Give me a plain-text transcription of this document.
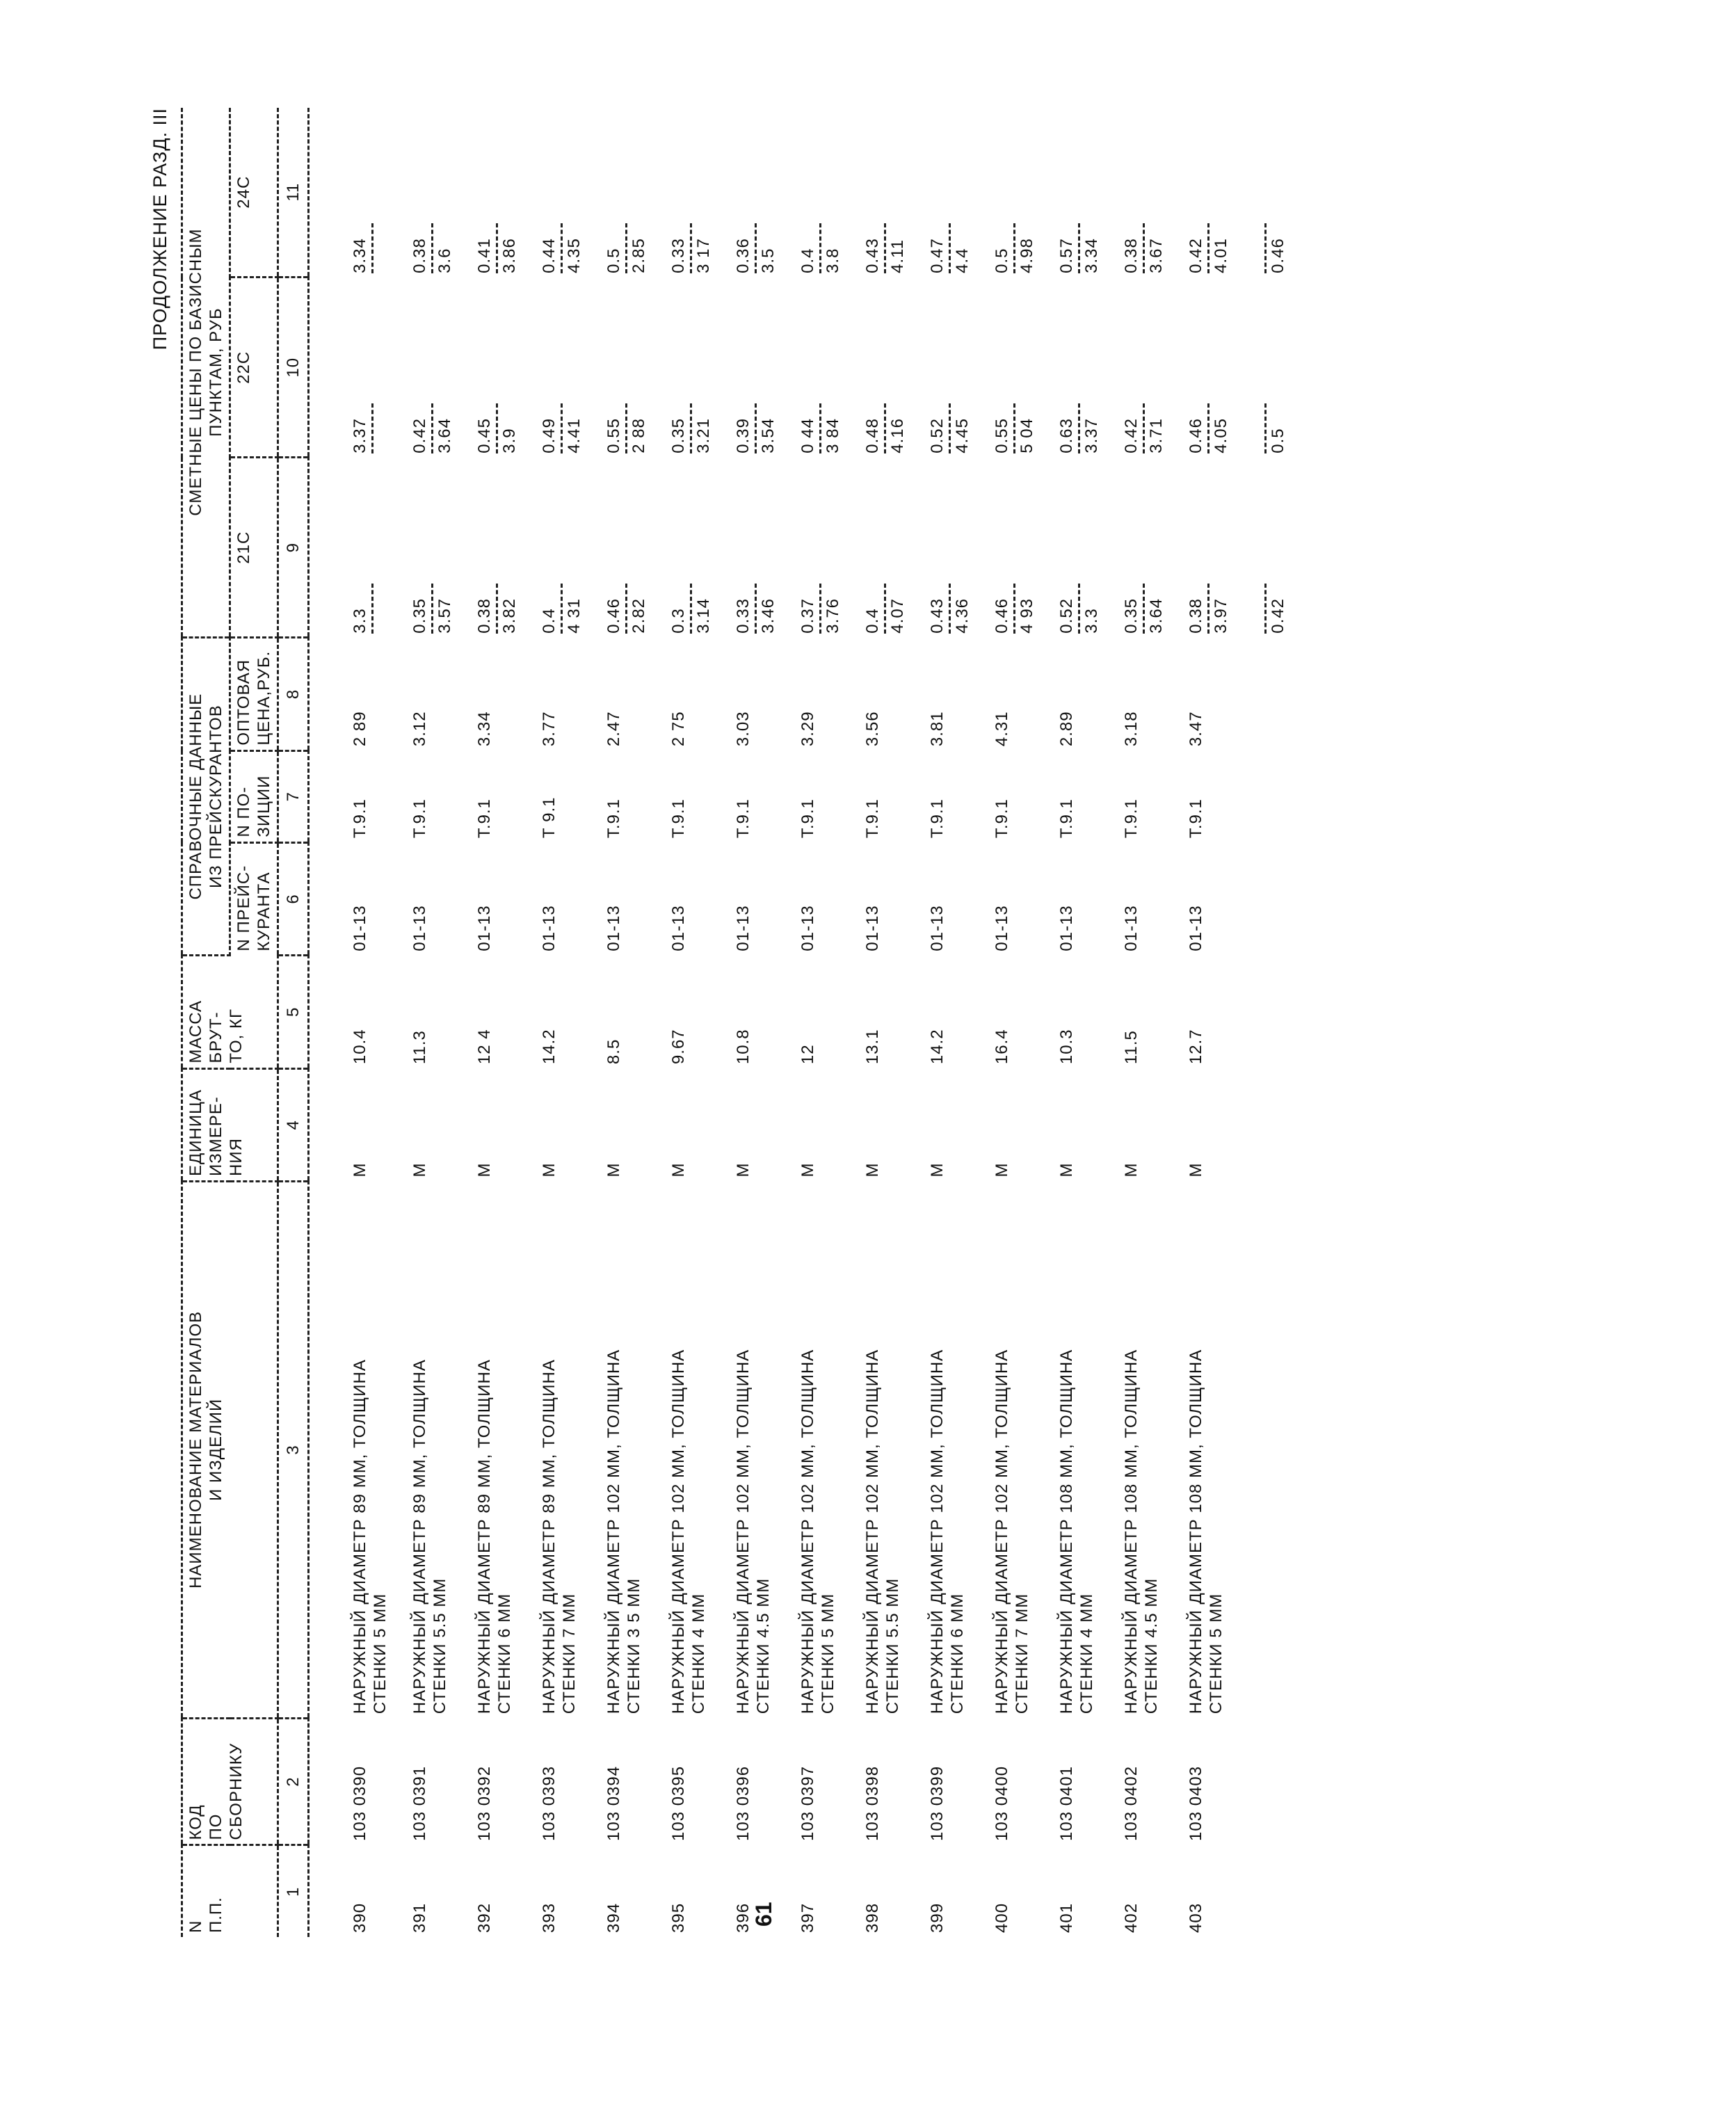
ПРОДОЛЖЕНИЕ РАЗД. III
N
П.П.	КОД
ПО
СБОРНИКУ	НАИМЕНОВАНИЕ МАТЕРИАЛОВ
И ИЗДЕЛИЙ	ЕДИНИЦА
ИЗМЕРЕ-
НИЯ	МАССА
БРУТ-
ТО, КГ	СПРАВОЧНЫЕ ДАННЫЕ
ИЗ ПРЕЙСКУРАНТОВ			СМЕТНЫЕ ЦЕНЫ ПО БАЗИСНЫМ
ПУНКТАМ, РУБ		
					N ПРЕЙС-
КУРАНТА	N ПО-
ЗИЦИИ	ОПТОВАЯ
ЦЕНА,РУБ.	21С	22С	24С
1	2	3	4	5	6	7	8	9	10	11
390	103 0390	НАРУЖНЫЙ ДИАМЕТР 89 ММ, ТОЛЩИНА
СТЕНКИ 5 ММ	М	10.4	01-13	Т.9.1	2 89	3.3	3.37	3.34

391	103 0391	НАРУЖНЫЙ ДИАМЕТР 89 ММ, ТОЛЩИНА
СТЕНКИ 5.5 ММ	М	11.3	01-13	Т.9.1	3.12	0.35 3.57	0.42 3.64	0.38 3.6

392	103 0392	НАРУЖНЫЙ ДИАМЕТР 89 ММ, ТОЛЩИНА
СТЕНКИ 6 ММ	М	12 4	01-13	Т.9.1	3.34	0.38 3.82	0.45 3.9	0.41 3.86

393	103 0393	НАРУЖНЫЙ ДИАМЕТР 89 ММ, ТОЛЩИНА
СТЕНКИ 7 ММ	М	14.2	01-13	Т 9.1	3.77	0.4 4 31	0.49 4.41	0.44 4.35

394	103 0394	НАРУЖНЫЙ ДИАМЕТР 102 ММ, ТОЛЩИНА
СТЕНКИ 3 5 ММ	М	8.5	01-13	Т.9.1	2.47	0.46 2.82	0.55 2 88	0.5 2.85

395	103 0395	НАРУЖНЫЙ ДИАМЕТР 102 ММ, ТОЛЩИНА
СТЕНКИ 4 ММ	М	9.67	01-13	Т.9.1	2 75	0.3 3.14	0.35 3.21	0.33 3 17

396	103 0396	НАРУЖНЫЙ ДИАМЕТР 102 ММ, ТОЛЩИНА
СТЕНКИ 4.5 ММ	М	10.8	01-13	Т.9.1	3.03	0.33 3.46	0.39 3.54	0.36 3.5

397	103 0397	НАРУЖНЫЙ ДИАМЕТР 102 ММ, ТОЛЩИНА
СТЕНКИ 5 ММ	М	12	01-13	Т.9.1	3.29	0.37 3.76	0 44 3 84	0.4 3.8

398	103 0398	НАРУЖНЫЙ ДИАМЕТР 102 ММ, ТОЛЩИНА
СТЕНКИ 5.5 ММ	М	13.1	01-13	Т.9.1	3.56	0.4 4.07	0.48 4.16	0.43 4.11

399	103 0399	НАРУЖНЫЙ ДИАМЕТР 102 ММ, ТОЛЩИНА
СТЕНКИ 6 ММ	М	14.2	01-13	Т.9.1	3.81	0.43 4.36	0.52 4.45	0.47 4.4

400	103 0400	НАРУЖНЫЙ ДИАМЕТР 102 ММ, ТОЛЩИНА
СТЕНКИ 7 ММ	М	16.4	01-13	Т.9.1	4.31	0.46 4 93	0.55 5 04	0.5 4.98

401	103 0401	НАРУЖНЫЙ ДИАМЕТР 108 ММ, ТОЛЩИНА
СТЕНКИ 4 ММ	М	10.3	01-13	Т.9.1	2.89	0.52 3.3	0.63 3.37	0.57 3.34

402	103 0402	НАРУЖНЫЙ ДИАМЕТР 108 ММ, ТОЛЩИНА
СТЕНКИ 4.5 ММ	М	11.5	01-13	Т.9.1	3.18	0.35 3.64	0.42 3.71	0.38 3.67

403	103 0403	НАРУЖНЫЙ ДИАМЕТР 108 ММ, ТОЛЩИНА
СТЕНКИ 5 ММ	М	12.7	01-13	Т.9.1	3.47	0.38 3.97	0.46 4.05	0.42 4.01

0.42	0.5	0.46
61
